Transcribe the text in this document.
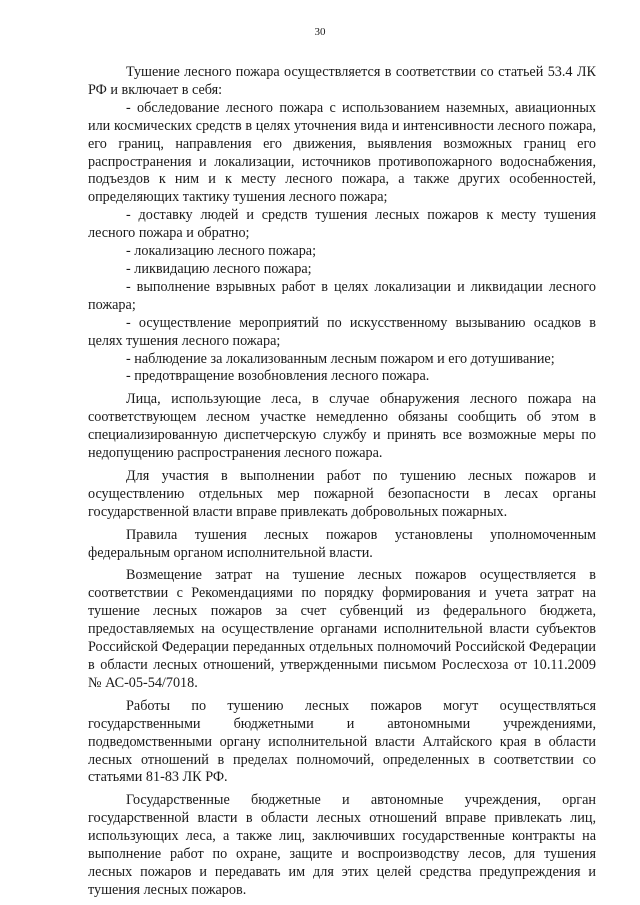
30

Тушение лесного пожара осуществляется в соответствии со статьей 53.4 ЛК РФ и включает в себя:

- обследование лесного пожара с использованием наземных, авиационных или космических средств в целях уточнения вида и интенсивности лесного пожара, его границ, направления его движения, выявления возможных границ его распространения и локализации, источников противопожарного водоснабжения, подъездов к ним и к месту лесного пожара, а также других особенностей, определяющих тактику тушения лесного пожара;

- доставку людей и средств тушения лесных пожаров к месту тушения лесного пожара и обратно;

- локализацию лесного пожара;

- ликвидацию лесного пожара;

- выполнение взрывных работ в целях локализации и ликвидации лесного пожара;

- осуществление мероприятий по искусственному вызыванию осадков в целях тушения лесного пожара;

- наблюдение за локализованным лесным пожаром и его дотушивание;

- предотвращение возобновления лесного пожара.

Лица, использующие леса, в случае обнаружения лесного пожара на соответствующем лесном участке немедленно обязаны сообщить об этом в специализированную диспетчерскую службу и принять все возможные меры по недопущению распространения лесного пожара.

Для участия в выполнении работ по тушению лесных пожаров и осуществлению отдельных мер пожарной безопасности в лесах органы государственной власти вправе привлекать добровольных пожарных.

Правила тушения лесных пожаров установлены уполномоченным федеральным органом исполнительной власти.

Возмещение затрат на тушение лесных пожаров осуществляется в соответствии с Рекомендациями по порядку формирования и учета затрат на тушение лесных пожаров за счет субвенций из федерального бюджета, предоставляемых на осуществление органами исполнительной власти субъектов Российской Федерации переданных отдельных полномочий Российской Федерации в области лесных отношений, утвержденными письмом Рослесхоза от 10.11.2009 № АС-05-54/7018.

Работы по тушению лесных пожаров могут осуществляться государственными бюджетными и автономными учреждениями, подведомственными органу исполнительной власти Алтайского края в области лесных отношений в пределах полномочий, определенных в соответствии со статьями 81-83 ЛК РФ.

Государственные бюджетные и автономные учреждения, орган государственной власти в области лесных отношений вправе привлекать лиц, использующих леса, а также лиц, заключивших государственные контракты на выполнение работ по охране, защите и воспроизводству лесов, для тушения лесных пожаров и передавать им для этих целей средства предупреждения и тушения лесных пожаров.
